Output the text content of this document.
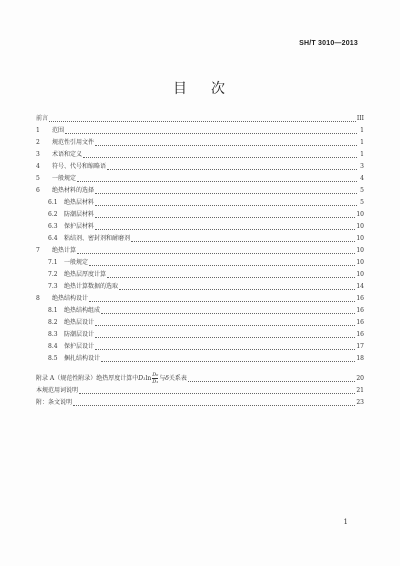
SH/T 3010—2013
目 次
前言	III
1	范围	1
2	规范性引用文件	1
3	术语和定义	1
4	符号、代号和缩略语	3
5	一般规定	4
6	绝热材料的选择	5
6.1	绝热层材料	5
6.2	防潮层材料	10
6.3	保护层材料	10
6.4	粘结剂、密封剂和耐磨剂	10
7	绝热计算	10
7.1	一般规定	10
7.2	绝热层厚度计算	10
7.3	绝热计算数据的选取	14
8	绝热结构设计	16
8.1	绝热结构组成	16
8.2	绝热层设计	16
8.3	防潮层设计	16
8.4	保护层设计	17
8.5	捆扎结构设计	18
附录 A（规范性附录）绝热厚度计算中 D₁ $\ln \frac{\text{D₀}}{\text{D₁}}$ 与 δ 关系表	20
本规范用词说明	21
附：条文说明	23
1
